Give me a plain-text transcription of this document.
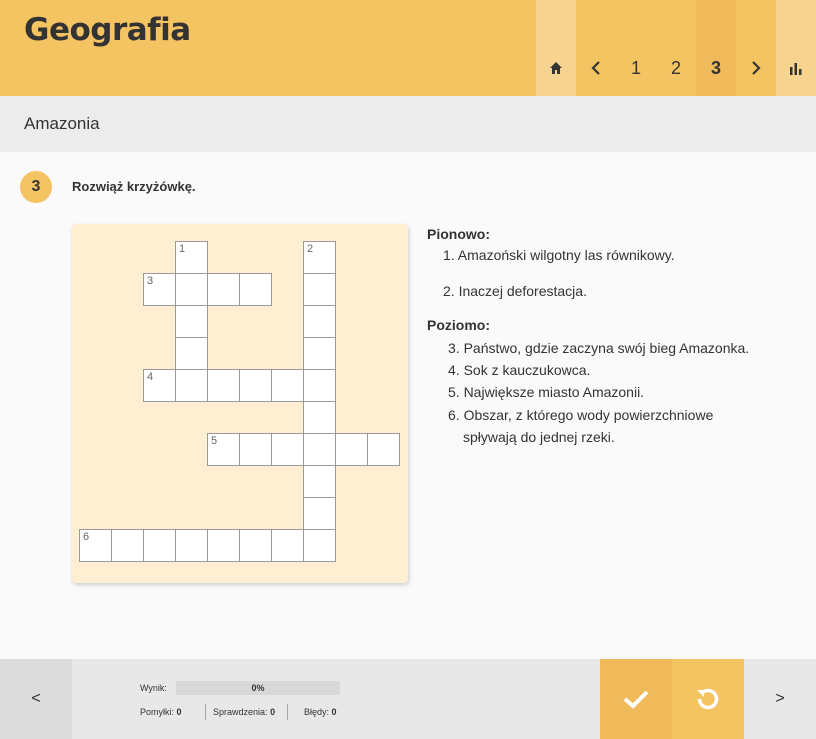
Geografia
1	2	3
Amazonia
3	Rozwiąż krzyżówkę.
1	2
3
4
5
6
Pionowo:
1. Amazoński wilgotny las równikowy.
2. Inaczej deforestacja.
Poziomo:
3. Państwo, gdzie zaczyna swój bieg Amazonka.
4. Sok z kauczukowca.
5. Największe miasto Amazonii.
6. Obszar, z którego wody powierzchniowe
spływają do jednej rzeki.
<
Wynik:	0%
Pomyłki: 0	Sprawdzenia: 0	Błędy: 0
>
